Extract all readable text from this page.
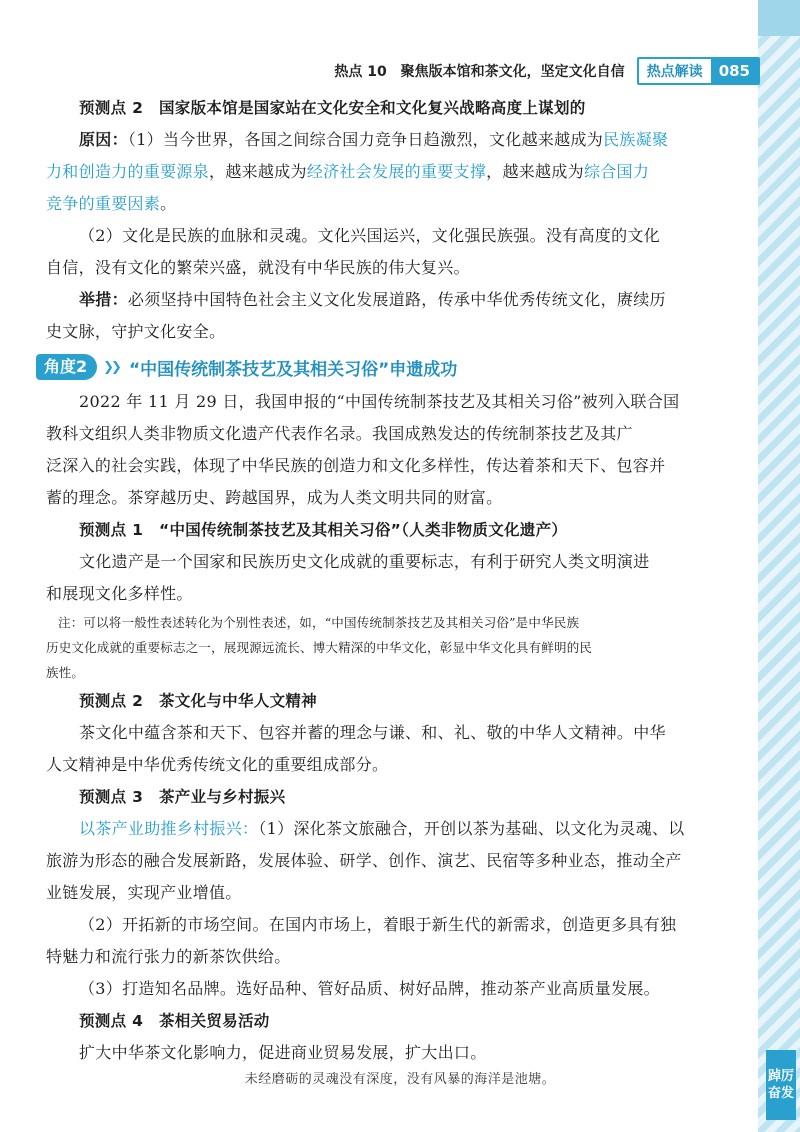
热点 10　聚焦版本馆和茶文化，坚定文化自信	热点解读	085

预测点 2　国家版本馆是国家站在文化安全和文化复兴战略高度上谋划的

原因：（1）当今世界，各国之间综合国力竞争日趋激烈，文化越来越成为民族凝聚

力和创造力的重要源泉，越来越成为经济社会发展的重要支撑，越来越成为综合国力

竞争的重要因素。

（2）文化是民族的血脉和灵魂。文化兴国运兴，文化强民族强。没有高度的文化

自信，没有文化的繁荣兴盛，就没有中华民族的伟大复兴。

举措：必须坚持中国特色社会主义文化发展道路，传承中华优秀传统文化，赓续历

史文脉，守护文化安全。

角度2	❯❯ “中国传统制茶技艺及其相关习俗”申遗成功

2022 年 11 月 29 日，我国申报的“中国传统制茶技艺及其相关习俗”被列入联合国

教科文组织人类非物质文化遗产代表作名录。我国成熟发达的传统制茶技艺及其广

泛深入的社会实践，体现了中华民族的创造力和文化多样性，传达着茶和天下、包容并

蓄的理念。茶穿越历史、跨越国界，成为人类文明共同的财富。

预测点 1　“中国传统制茶技艺及其相关习俗”（人类非物质文化遗产）

文化遗产是一个国家和民族历史文化成就的重要标志，有利于研究人类文明演进

和展现文化多样性。

注：可以将一般性表述转化为个别性表述，如，“中国传统制茶技艺及其相关习俗”是中华民族

历史文化成就的重要标志之一，展现源远流长、博大精深的中华文化，彰显中华文化具有鲜明的民

族性。

预测点 2　茶文化与中华人文精神

茶文化中蕴含茶和天下、包容并蓄的理念与谦、和、礼、敬的中华人文精神。中华

人文精神是中华优秀传统文化的重要组成部分。

预测点 3　茶产业与乡村振兴

以茶产业助推乡村振兴：（1）深化茶文旅融合，开创以茶为基础、以文化为灵魂、以

旅游为形态的融合发展新路，发展体验、研学、创作、演艺、民宿等多种业态，推动全产

业链发展，实现产业增值。

（2）开拓新的市场空间。在国内市场上，着眼于新生代的新需求，创造更多具有独

特魅力和流行张力的新茶饮供给。

（3）打造知名品牌。选好品种、管好品质、树好品牌，推动茶产业高质量发展。

预测点 4　茶相关贸易活动

扩大中华茶文化影响力，促进商业贸易发展，扩大出口。

未经磨砺的灵魂没有深度，没有风暴的海洋是池塘。	踔厉
奋发
